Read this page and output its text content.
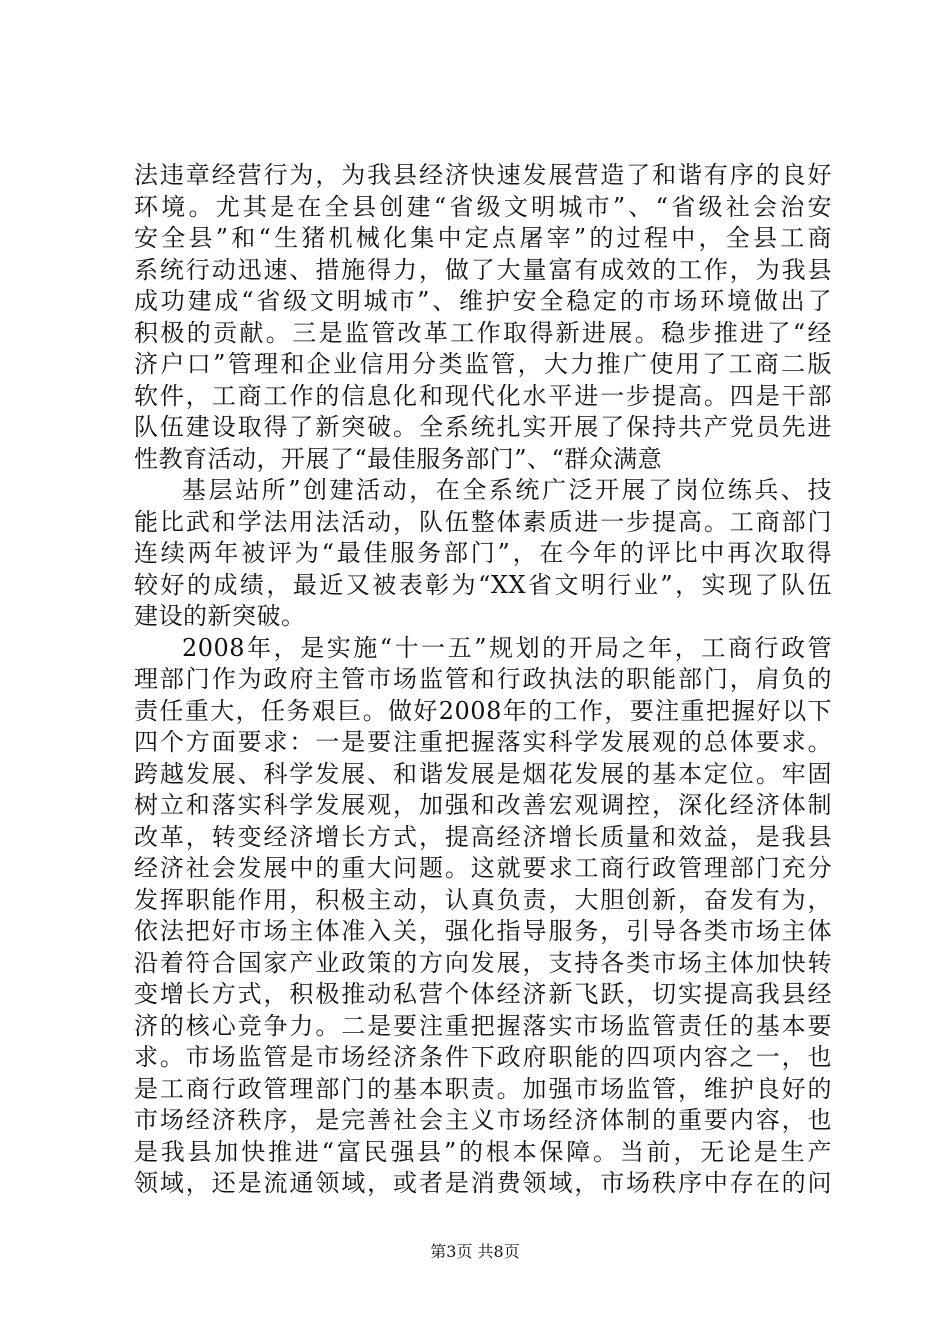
法违章经营行为，为我县经济快速发展营造了和谐有序的良好
环境。尤其是在全县创建“省级文明城市”、“省级社会治安
安全县”和“生猪机械化集中定点屠宰”的过程中，全县工商
系统行动迅速、措施得力，做了大量富有成效的工作，为我县
成功建成“省级文明城市”、维护安全稳定的市场环境做出了
积极的贡献。三是监管改革工作取得新进展。稳步推进了“经
济户口”管理和企业信用分类监管，大力推广使用了工商二版
软件，工商工作的信息化和现代化水平进一步提高。四是干部
队伍建设取得了新突破。全系统扎实开展了保持共产党员先进
性教育活动，开展了“最佳服务部门”、“群众满意
基层站所”创建活动，在全系统广泛开展了岗位练兵、技
能比武和学法用法活动，队伍整体素质进一步提高。工商部门
连续两年被评为“最佳服务部门”，在今年的评比中再次取得
较好的成绩，最近又被表彰为“XX省文明行业”，实现了队伍
建设的新突破。
2008年，是实施“十一五”规划的开局之年，工商行政管
理部门作为政府主管市场监管和行政执法的职能部门，肩负的
责任重大，任务艰巨。做好2008年的工作，要注重把握好以下
四个方面要求：一是要注重把握落实科学发展观的总体要求。
跨越发展、科学发展、和谐发展是烟花发展的基本定位。牢固
树立和落实科学发展观，加强和改善宏观调控，深化经济体制
改革，转变经济增长方式，提高经济增长质量和效益，是我县
经济社会发展中的重大问题。这就要求工商行政管理部门充分
发挥职能作用，积极主动，认真负责，大胆创新，奋发有为，
依法把好市场主体准入关，强化指导服务，引导各类市场主体
沿着符合国家产业政策的方向发展，支持各类市场主体加快转
变增长方式，积极推动私营个体经济新飞跃，切实提高我县经
济的核心竞争力。二是要注重把握落实市场监管责任的基本要
求。市场监管是市场经济条件下政府职能的四项内容之一，也
是工商行政管理部门的基本职责。加强市场监管，维护良好的
市场经济秩序，是完善社会主义市场经济体制的重要内容，也
是我县加快推进“富民强县”的根本保障。当前，无论是生产
领域，还是流通领域，或者是消费领域，市场秩序中存在的问
第3页 共8页
